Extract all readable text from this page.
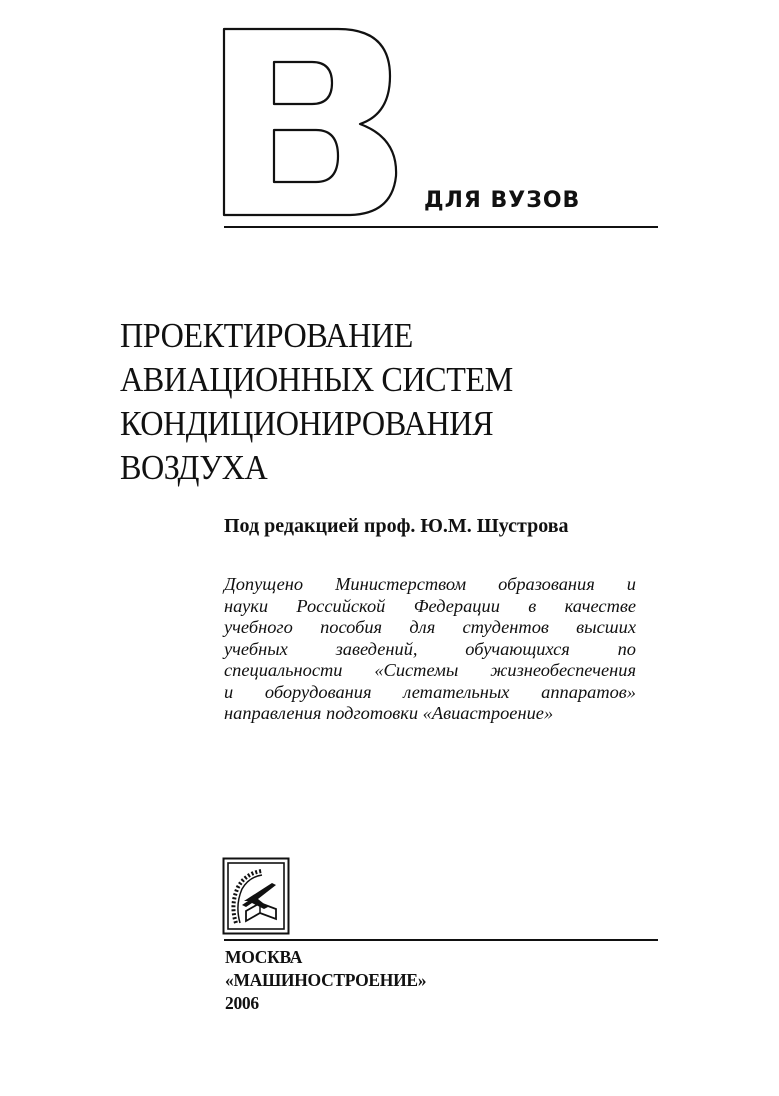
ДЛЯ ВУЗОВ
ПРОЕКТИРОВАНИЕ
АВИАЦИОННЫХ СИСТЕМ
КОНДИЦИОНИРОВАНИЯ
ВОЗДУХА
Под редакцией проф. Ю.М. Шустрова
Допущено Министерством образования и
науки Российской Федерации в качестве
учебного пособия для студентов высших
учебных заведений, обучающихся по
специальности «Системы жизнеобеспечения
и оборудования летательных аппаратов»
направления подготовки «Авиастроение»
МОСКВА
«МАШИНОСТРОЕНИЕ»
2006
